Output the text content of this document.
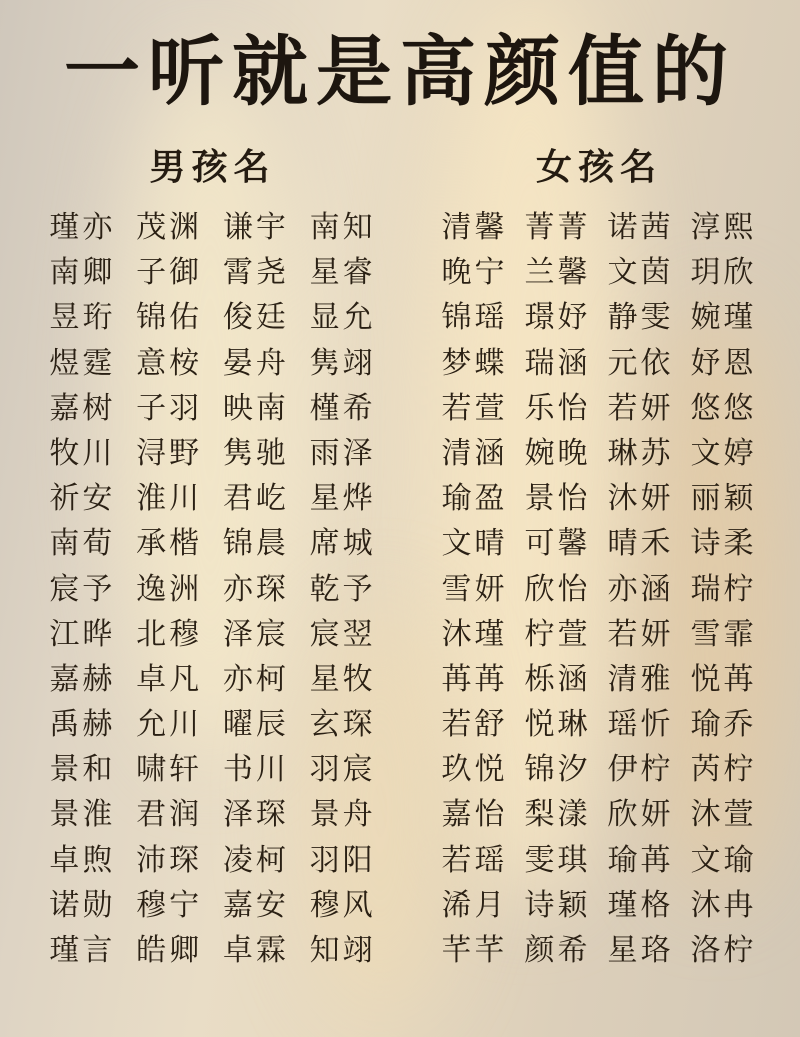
一听就是高颜值的
男孩名
瑾亦 茂渊 谦宇 南知
南卿 子御 霄尧 星睿
昱珩 锦佑 俊廷 显允
煜霆 意桉 晏舟 隽翊
嘉树 子羽 映南 槿希
牧川 浔野 隽驰 雨泽
祈安 淮川 君屹 星烨
南荀 承楷 锦晨 席城
宸予 逸洲 亦琛 乾予
江晔 北穆 泽宸 宸翌
嘉赫 卓凡 亦柯 星牧
禹赫 允川 曜辰 玄琛
景和 啸轩 书川 羽宸
景淮 君润 泽琛 景舟
卓煦 沛琛 凌柯 羽阳
诺勋 穆宁 嘉安 穆风
瑾言 皓卿 卓霖 知翊
女孩名
清馨 菁菁 诺茜 淳熙
晚宁 兰馨 文茵 玥欣
锦瑶 璟妤 静雯 婉瑾
梦蝶 瑞涵 元依 妤恩
若萱 乐怡 若妍 悠悠
清涵 婉晚 琳苏 文婷
瑜盈 景怡 沐妍 丽颖
文晴 可馨 晴禾 诗柔
雪妍 欣怡 亦涵 瑞柠
沐瑾 柠萱 若妍 雪霏
苒苒 栎涵 清雅 悦苒
若舒 悦琳 瑶忻 瑜乔
玖悦 锦汐 伊柠 芮柠
嘉怡 梨漾 欣妍 沐萱
若瑶 雯琪 瑜苒 文瑜
浠月 诗颖 瑾格 沐冉
芊芊 颜希 星珞 洛柠
